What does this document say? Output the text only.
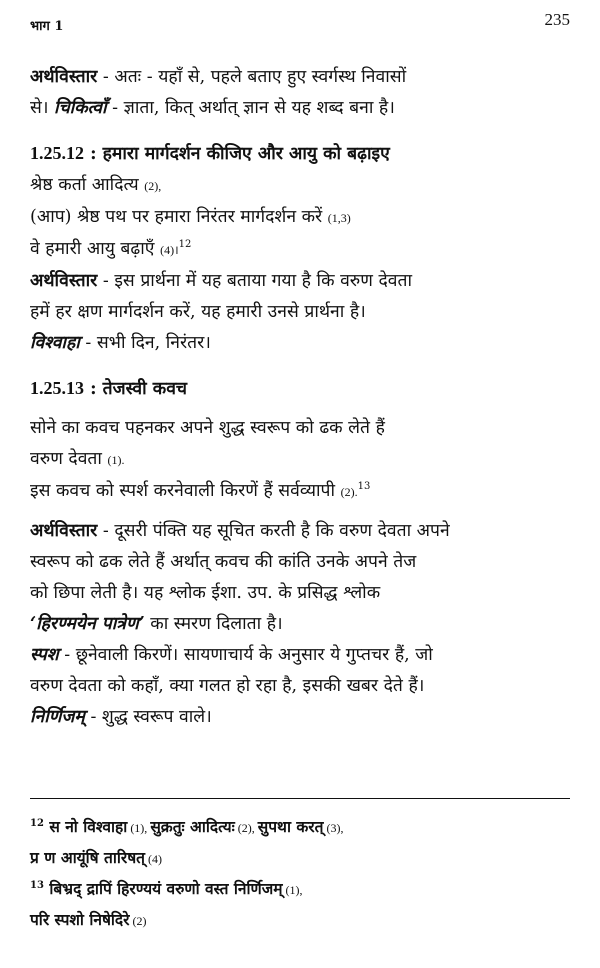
भाग 1	235

अर्थविस्तार - अतः - यहाँ से, पहले बताए हुए स्वर्गस्थ निवासों

से। चिकित्वाँ - ज्ञाता, कित् अर्थात् ज्ञान से यह शब्द बना है।

1.25.12 : हमारा मार्गदर्शन कीजिए और आयु को बढ़ाइए

श्रेष्ठ कर्ता आदित्य (2),

(आप) श्रेष्ठ पथ पर हमारा निरंतर मार्गदर्शन करें (1,3)

वे हमारी आयु बढ़ाएँ (4)।$^{12}$

अर्थविस्तार - इस प्रार्थना में यह बताया गया है कि वरुण देवता

हमें हर क्षण मार्गदर्शन करें, यह हमारी उनसे प्रार्थना है।

विश्वाहा - सभी दिन, निरंतर।

1.25.13 : तेजस्वी कवच

सोने का कवच पहनकर अपने शुद्ध स्वरूप को ढक लेते हैं

वरुण देवता (1).

इस कवच को स्पर्श करनेवाली किरणें हैं सर्वव्यापी (2).$^{13}$

अर्थविस्तार - दूसरी पंक्ति यह सूचित करती है कि वरुण देवता अपने

स्वरूप को ढक लेते हैं अर्थात् कवच की कांति उनके अपने तेज

को छिपा लेती है। यह श्लोक ईशा. उप. के प्रसिद्ध श्लोक

‘हिरण्मयेन पात्रेण’ का स्मरण दिलाता है।

स्पश - छूनेवाली किरणें। सायणाचार्य के अनुसार ये गुप्तचर हैं, जो

वरुण देवता को कहाँ, क्या गलत हो रहा है, इसकी खबर देते हैं।

निर्णिजम् - शुद्ध स्वरूप वाले।

$^{12}$ स नो विश्वाहा (1), सुक्रतुः आदित्यः (2), सुपथा करत् (3),

प्र ण आयूंषि तारिषत् (4)

$^{13}$ बिभ्रद् द्रापिं हिरण्ययं वरुणो वस्त निर्णिजम् (1),

परि स्पशो निषेदिरे (2)
